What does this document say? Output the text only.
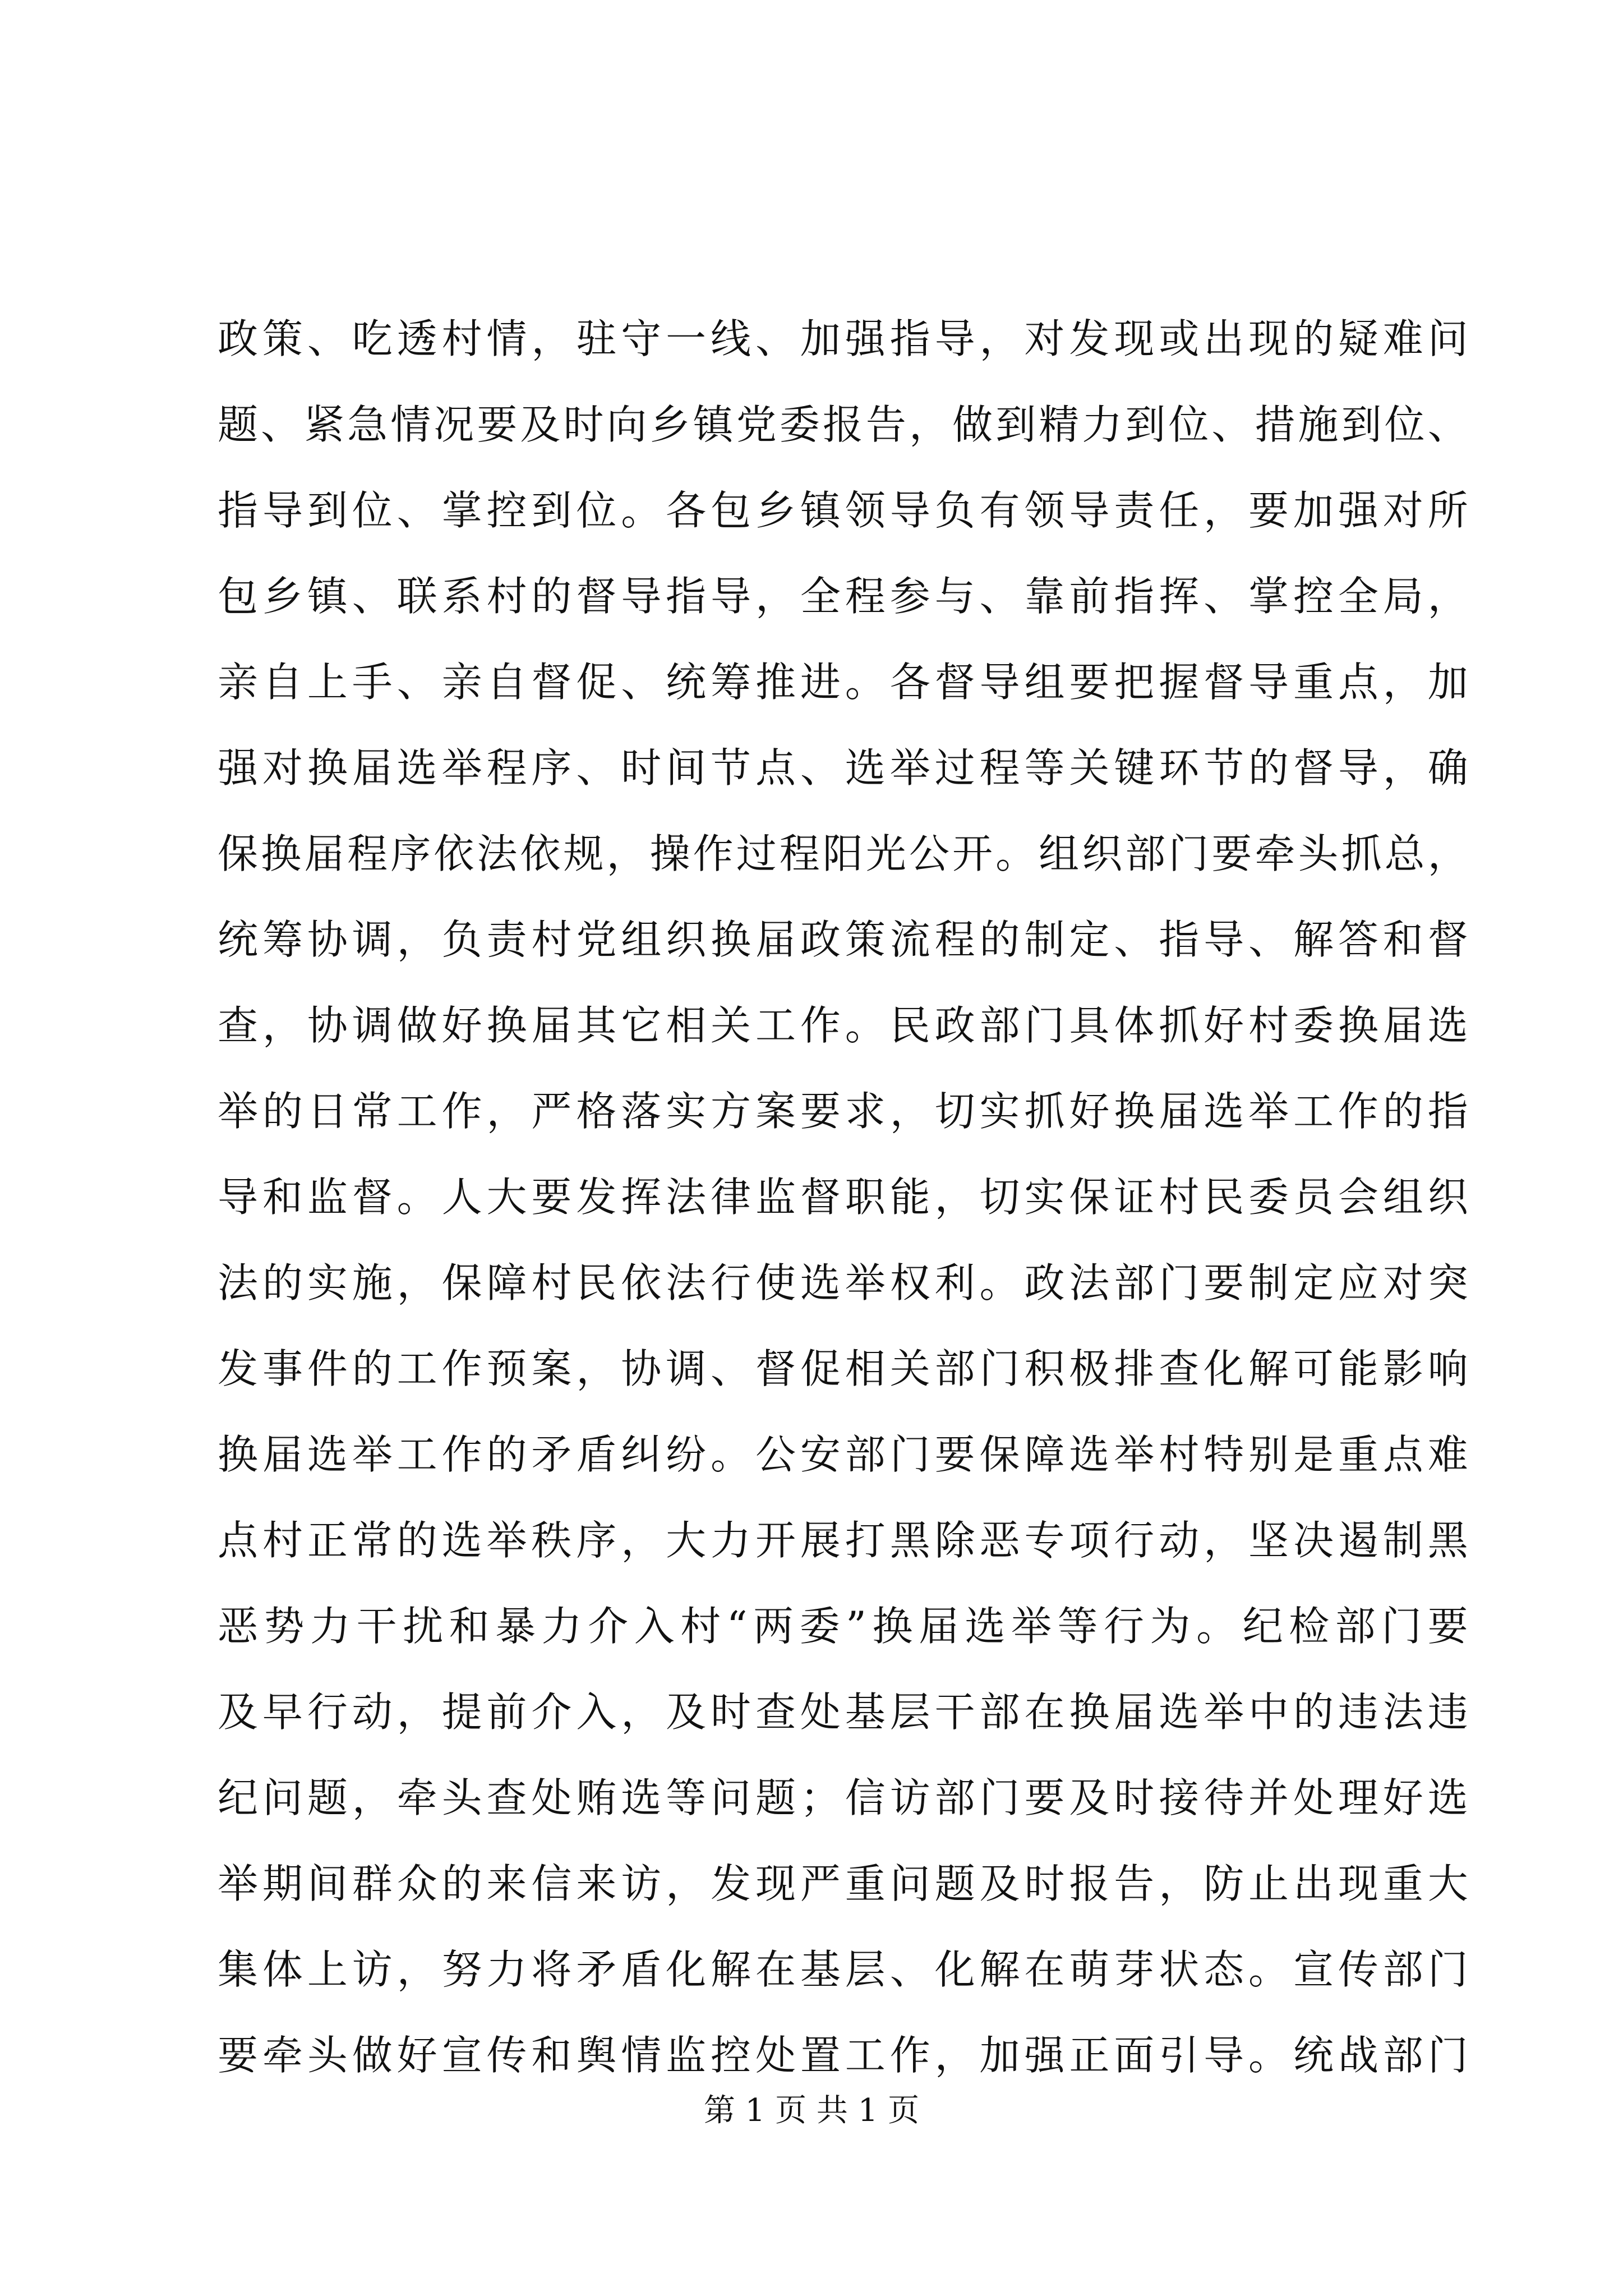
政策、吃透村情，驻守一线、加强指导，对发现或出现的疑难问
题、紧急情况要及时向乡镇党委报告，做到精力到位、措施到位、
指导到位、掌控到位。各包乡镇领导负有领导责任，要加强对所
包乡镇、联系村的督导指导，全程参与、靠前指挥、掌控全局，
亲自上手、亲自督促、统筹推进。各督导组要把握督导重点，加
强对换届选举程序、时间节点、选举过程等关键环节的督导，确
保换届程序依法依规，操作过程阳光公开。组织部门要牵头抓总，
统筹协调，负责村党组织换届政策流程的制定、指导、解答和督
查，协调做好换届其它相关工作。民政部门具体抓好村委换届选
举的日常工作，严格落实方案要求，切实抓好换届选举工作的指
导和监督。人大要发挥法律监督职能，切实保证村民委员会组织
法的实施，保障村民依法行使选举权利。政法部门要制定应对突
发事件的工作预案，协调、督促相关部门积极排查化解可能影响
换届选举工作的矛盾纠纷。公安部门要保障选举村特别是重点难
点村正常的选举秩序，大力开展打黑除恶专项行动，坚决遏制黑
恶势力干扰和暴力介入村“两委”换届选举等行为。纪检部门要
及早行动，提前介入，及时查处基层干部在换届选举中的违法违
纪问题，牵头查处贿选等问题；信访部门要及时接待并处理好选
举期间群众的来信来访，发现严重问题及时报告，防止出现重大
集体上访，努力将矛盾化解在基层、化解在萌芽状态。宣传部门
要牵头做好宣传和舆情监控处置工作，加强正面引导。统战部门
第 1 页 共 1 页
